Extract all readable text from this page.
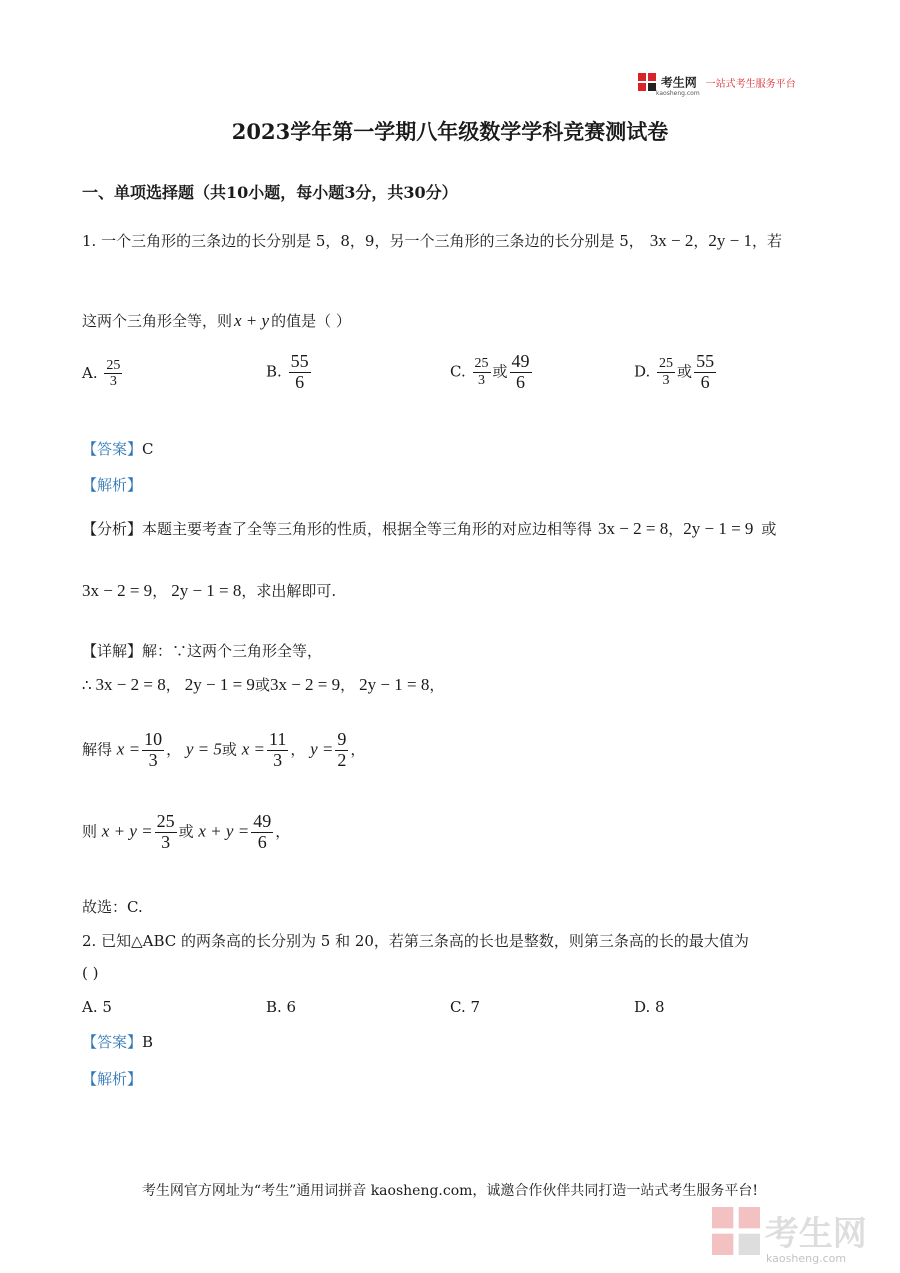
考生网 一站式考生服务平台
kaosheng.com
2023学年第一学期八年级数学学科竞赛测试卷
一、单项选择题（共10小题，每小题3分，共30分）
1. 一个三角形的三条边的长分别是 5，8，9，另一个三角形的三条边的长分别是 5， 3x − 2，2y − 1，若
这两个三角形全等，则 x + y 的值是（ ）
A. $\frac{25}{3}$	B. $\frac{55}{6}$	C. $\frac{25}{3}$ 或 $\frac{49}{6}$	D. $\frac{25}{3}$ 或 $\frac{55}{6}$
【答案】C
【解析】
【分析】本题主要考查了全等三角形的性质，根据全等三角形的对应边相等得 3x − 2 = 8，2y − 1 = 9 或
3x − 2 = 9， 2y − 1 = 8，求出解即可.
【详解】解：∵这两个三角形全等，
∴ 3x − 2 = 8， 2y − 1 = 9或3x − 2 = 9， 2y − 1 = 8，
解得 $x = \frac{10}{3}$ ， y = 5或 $x = \frac{11}{3}$ ， $y = \frac{9}{2}$ ，
则 $x + y = \frac{25}{3}$ 或 $x + y = \frac{49}{6}$ ，
故选：C.
2. 已知△ABC 的两条高的长分别为 5 和 20，若第三条高的长也是整数，则第三条高的长的最大值为
( )
A. 5	B. 6	C. 7	D. 8
【答案】B
【解析】
考生网官方网址为“考生”通用词拼音 kaosheng.com，诚邀合作伙伴共同打造一站式考生服务平台!
考生网
kaosheng.com
